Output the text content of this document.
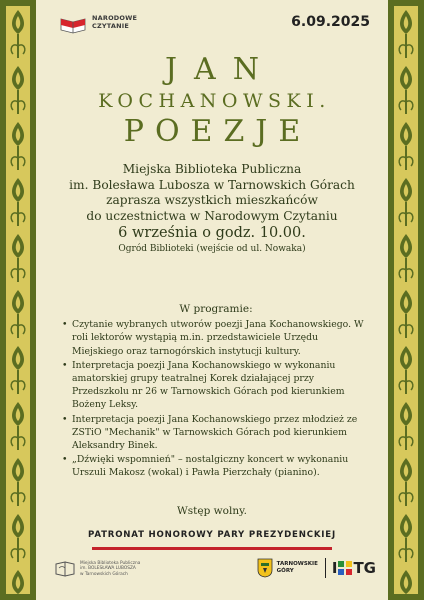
NARODOWE
CZYTANIE	6.09.2025
JAN
KOCHANOWSKI.
POEZJE
Miejska Biblioteka Publiczna
im. Bolesława Lubosza w Tarnowskich Górach
zaprasza wszystkich mieszkańców
do uczestnictwa w Narodowym Czytaniu
6 września o godz. 10.00.
Ogród Biblioteki (wejście od ul. Nowaka)
W programie:
• Czytanie wybranych utworów poezji Jana Kochanowskiego. W roli lektorów wystąpią m.in. przedstawiciele Urzędu Miejskiego oraz tarnogórskich instytucji kultury.
• Interpretacja poezji Jana Kochanowskiego w wykonaniu amatorskiej grupy teatralnej Korek działającej przy Przedszkolu nr 26 w Tarnowskich Górach pod kierunkiem Bożeny Leksy.
• Interpretacja poezji Jana Kochanowskiego przez młodzież ze ZSTiO "Mechanik" w Tarnowskich Górach pod kierunkiem Aleksandry Binek.
• „Dźwięki wspomnień" – nostalgiczny koncert w wykonaniu Urszuli Makosz (wokal) i Pawła Pierzchały (pianino).
Wstęp wolny.
PATRONAT HONOROWY PARY PREZYDENCKIEJ
Miejska Biblioteka Publiczna
im. BOLESŁAWA LUBOSZA
w Tarnowskich Górach
TARNOWSKIE
GÓRY	I TG
